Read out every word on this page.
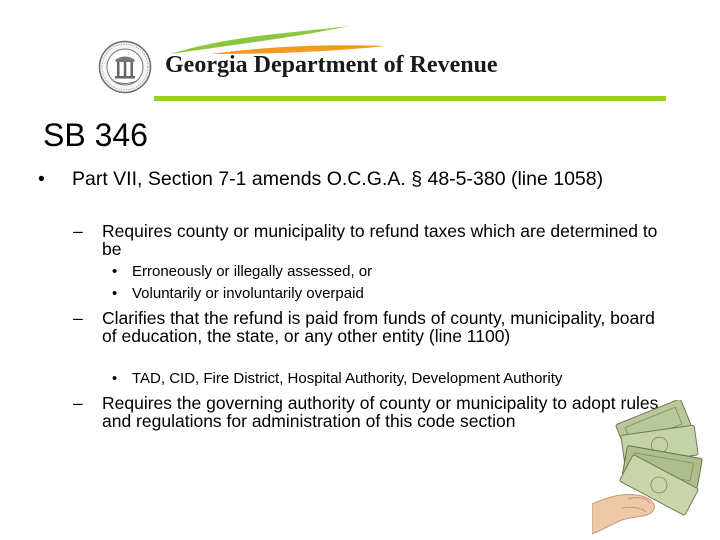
Georgia Department of Revenue
SB 346
• Part VII, Section 7-1 amends O.C.G.A. § 48-5-380 (line 1058)
– Requires county or municipality to refund taxes which are determined to be
• Erroneously or illegally assessed, or
• Voluntarily or involuntarily overpaid
– Clarifies that the refund is paid from funds of county, municipality, board of education, the state, or any other entity (line 1100)
• TAD, CID, Fire District, Hospital Authority, Development Authority
– Requires the governing authority of county or municipality to adopt rules and regulations for administration of this code section
